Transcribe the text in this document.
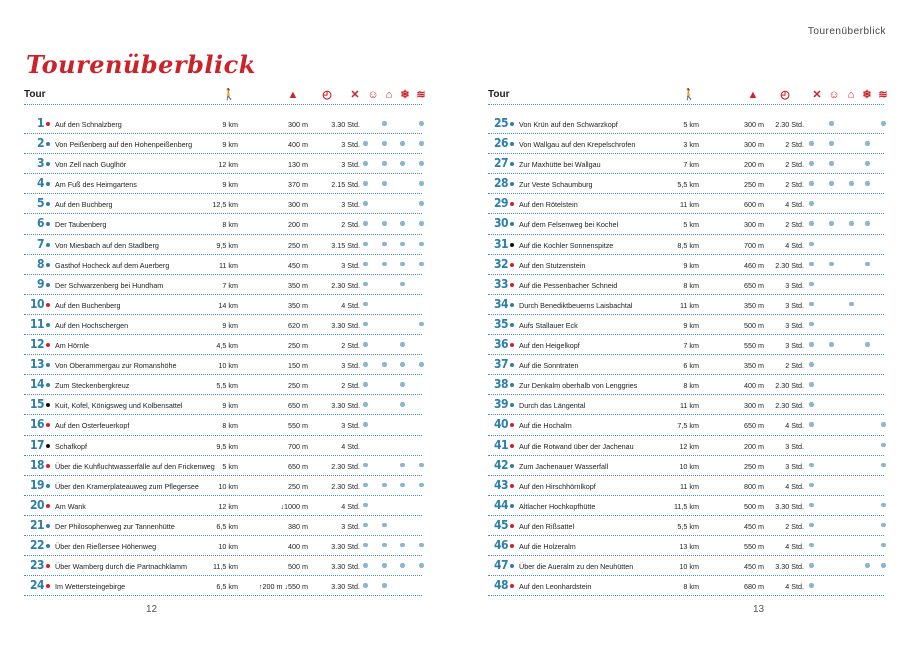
Tourenüberblick
Tourenüberblick
Tour	🚶	▲ ◴ ✕ ☺ ⌂ ❄ ≋
1 Auf den Schnalzberg	9 km	300 m	3.30 Std.
2 Von Peißenberg auf den Hohenpeißenberg	9 km	400 m	3 Std.
3 Von Zell nach Guglhör	12 km	130 m	3 Std.
4 Am Fuß des Heimgartens	9 km	370 m	2.15 Std.
5 Auf den Buchberg	12,5 km	300 m	3 Std.
6 Der Taubenberg	8 km	200 m	2 Std.
7 Von Miesbach auf den Stadlberg	9,5 km	250 m	3.15 Std.
8 Gasthof Hocheck auf dem Auerberg	11 km	450 m	3 Std.
9 Der Schwarzenberg bei Hundham	7 km	350 m	2.30 Std.
10 Auf den Buchenberg	14 km	350 m	4 Std.
11 Auf den Hochschergen	9 km	620 m	3.30 Std.
12 Am Hörnle	4,5 km	250 m	2 Std.
13 Von Oberammergau zur Romanshöhe	10 km	150 m	3 Std.
14 Zum Steckenbergkreuz	5,5 km	250 m	2 Std.
15 Kuit, Kofel, Königsweg und Kolbensattel	9 km	650 m	3.30 Std.
16 Auf den Osterfeuerkopf	8 km	550 m	3 Std.
17 Schafkopf	9,5 km	700 m	4 Std.
18 Über die Kuhfluchtwasserfälle auf den Frickenweg 5 km	650 m	2.30 Std.
19 Über den Kramerplateauweg zum Pflegersee	10 km	250 m	2.30 Std.
20 Am Wank	12 km	↓1000 m	4 Std.
21 Der Philosophenweg zur Tannenhütte	6,5 km	380 m	3 Std.
22 Über den Rießersee Höhenweg	10 km	400 m	3.30 Std.
23 Über Wamberg durch die Partnachklamm	11,5 km	500 m	3.30 Std.
24 Im Wettersteingebirge	6,5 km	↑200 m ↓550 m	3.30 Std.
12
Tour	🚶	▲ ◴ ✕ ☺ ⌂ ❄ ≋
25 Von Krün auf den Schwarzkopf	5 km	300 m 2.30 Std.
26 Von Wallgau auf den Krepelschrofen	3 km	300 m	2 Std.
27 Zur Maxhütte bei Wallgau	7 km	200 m	2 Std.
28 Zur Veste Schaumburg	5,5 km	250 m	2 Std.
29 Auf den Rötelstein	11 km	600 m	4 Std.
30 Auf dem Felsenweg bei Kochel	5 km	300 m	2 Std.
31 Auf die Kochler Sonnenspitze	8,5 km	700 m	4 Std.
32 Auf den Stutzenstein	9 km	460 m 2.30 Std.
33 Auf die Pessenbacher Schneid	8 km	650 m	3 Std.
34 Durch Benediktbeuerns Laisbachtal	11 km	350 m	3 Std.
35 Aufs Stallauer Eck	9 km	500 m	3 Std.
36 Auf den Heigelkopf	7 km	550 m	3 Std.
37 Auf die Sonntraten	6 km	350 m	2 Std.
38 Zur Denkalm oberhalb von Lenggries	8 km	400 m 2.30 Std.
39 Durch das Längental	11 km	300 m 2.30 Std.
40 Auf die Hochalm	7,5 km	650 m	4 Std.
41 Auf die Rotwand über der Jachenau	12 km	200 m	3 Std.
42 Zum Jachenauer Wasserfall	10 km	250 m	3 Std.
43 Auf den Hirschhörnlkopf	11 km	800 m	4 Std.
44 Altlacher Hochkopfhütte	11,5 km	500 m 3.30 Std.
45 Auf den Rißsattel	5,5 km	450 m	2 Std.
46 Auf die Holzeralm	13 km	550 m	4 Std.
47 Über die Aueralm zu den Neuhütten	10 km	450 m 3.30 Std.
48 Auf den Leonhardstein	8 km	680 m	4 Std.
13
